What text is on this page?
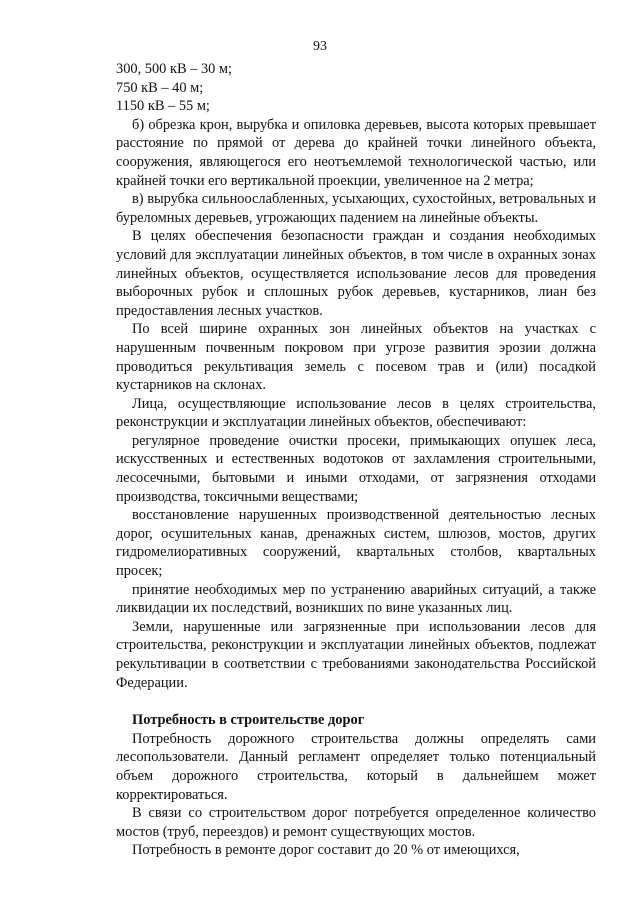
93

300, 500 кВ – 30 м;

750 кВ – 40 м;

1150 кВ – 55 м;

б) обрезка крон, вырубка и опиловка деревьев, высота которых превышает расстояние по прямой от дерева до крайней точки линейного объекта, сооружения, являющегося его неотъемлемой технологической частью, или крайней точки его вертикальной проекции, увеличенное на 2 метра;

в) вырубка сильноослабленных, усыхающих, сухостойных, ветровальных и буреломных деревьев, угрожающих падением на линейные объекты.

В целях обеспечения безопасности граждан и создания необходимых условий для эксплуатации линейных объектов, в том числе в охранных зонах линейных объектов, осуществляется использование лесов для проведения выборочных рубок и сплошных рубок деревьев, кустарников, лиан без предоставления лесных участков.

По всей ширине охранных зон линейных объектов на участках с нарушенным почвенным покровом при угрозе развития эрозии должна проводиться рекультивация земель с посевом трав и (или) посадкой кустарников на склонах.

Лица, осуществляющие использование лесов в целях строительства, реконструкции и эксплуатации линейных объектов, обеспечивают:

регулярное проведение очистки просеки, примыкающих опушек леса, искусственных и естественных водотоков от захламления строительными, лесосечными, бытовыми и иными отходами, от загрязнения отходами производства, токсичными веществами;

восстановление нарушенных производственной деятельностью лесных дорог, осушительных канав, дренажных систем, шлюзов, мостов, других гидромелиоративных сооружений, квартальных столбов, квартальных просек;

принятие необходимых мер по устранению аварийных ситуаций, а также ликвидации их последствий, возникших по вине указанных лиц.

Земли, нарушенные или загрязненные при использовании лесов для строительства, реконструкции и эксплуатации линейных объектов, подлежат рекультивации в соответствии с требованиями законодательства Российской Федерации.

Потребность в строительстве дорог

Потребность дорожного строительства должны определять сами лесопользователи. Данный регламент определяет только потенциальный объем дорожного строительства, который в дальнейшем может корректироваться.

В связи со строительством дорог потребуется определенное количество мостов (труб, переездов) и ремонт существующих мостов.

Потребность в ремонте дорог составит до 20 % от имеющихся,
